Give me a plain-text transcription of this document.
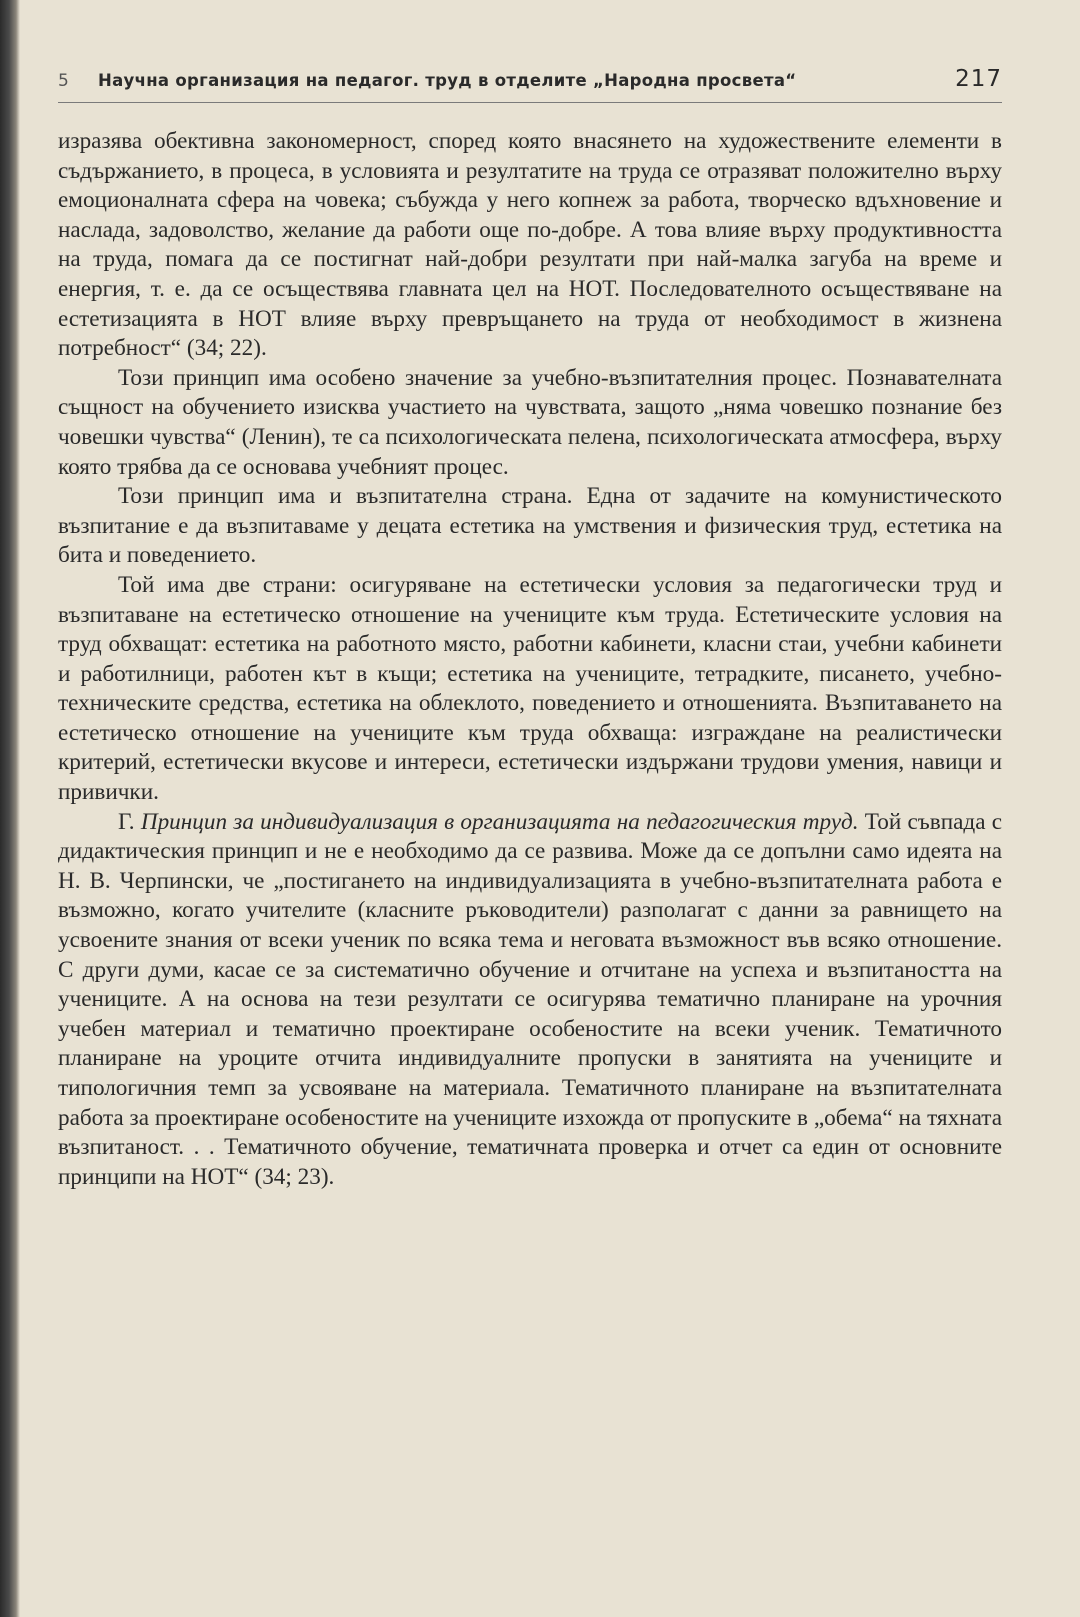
5	Научна организация на педагог. труд в отделите „Народна просвета“	217

изразява обективна закономерност, според която внасянето на художествените елементи в съдържанието, в процеса, в условията и резултатите на труда се отразяват положително върху емоционалната сфера на човека; събужда у него копнеж за работа, творческо вдъхновение и наслада, задоволство, желание да работи още по-добре. А това влияе върху продуктивността на труда, помага да се постигнат най-добри резултати при най-малка загуба на време и енергия, т. е. да се осъществява главната цел на НОТ. Последователното осъществяване на естетизацията в НОТ влияе върху превръщането на труда от необходимост в жизнена потребност“ (34; 22).

Този принцип има особено значение за учебно-възпитателния процес. Познавателната същност на обучението изисква участието на чувствата, защото „няма човешко познание без човешки чувства“ (Ленин), те са психологическата пелена, психологическата атмосфера, върху която трябва да се основава учебният процес.

Този принцип има и възпитателна страна. Една от задачите на комунистическото възпитание е да възпитаваме у децата естетика на умствения и физическия труд, естетика на бита и поведението.

Той има две страни: осигуряване на естетически условия за педагогически труд и възпитаване на естетическо отношение на учениците към труда. Естетическите условия на труд обхващат: естетика на работното място, работни кабинети, класни стаи, учебни кабинети и работилници, работен кът в къщи; естетика на учениците, тетрадките, писането, учебно-техническите средства, естетика на облеклото, поведението и отношенията. Възпитаването на естетическо отношение на учениците към труда обхваща: изграждане на реалистически критерий, естетически вкусове и интереси, естетически издържани трудови умения, навици и привички.

Г. Принцип за индивидуализация в организацията на педагогическия труд. Той съвпада с дидактическия принцип и не е необходимо да се развива. Може да се допълни само идеята на Н. В. Черпински, че „постигането на индивидуализацията в учебно-възпитателната работа е възможно, когато учителите (класните ръководители) разполагат с данни за равнището на усвоените знания от всеки ученик по всяка тема и неговата възможност във всяко отношение. С други думи, касае се за систематично обучение и отчитане на успеха и възпитаността на учениците. А на основа на тези резултати се осигурява тематично планиране на урочния учебен материал и тематично проектиране особеностите на всеки ученик. Тематичното планиране на уроците отчита индивидуалните пропуски в занятията на учениците и типологичния темп за усвояване на материала. Тематичното планиране на възпитателната работа за проектиране особеностите на учениците изхожда от пропуските в „обема“ на тяхната възпитаност. . . Тематичното обучение, тематичната проверка и отчет са един от основните принципи на НОТ“ (34; 23).
